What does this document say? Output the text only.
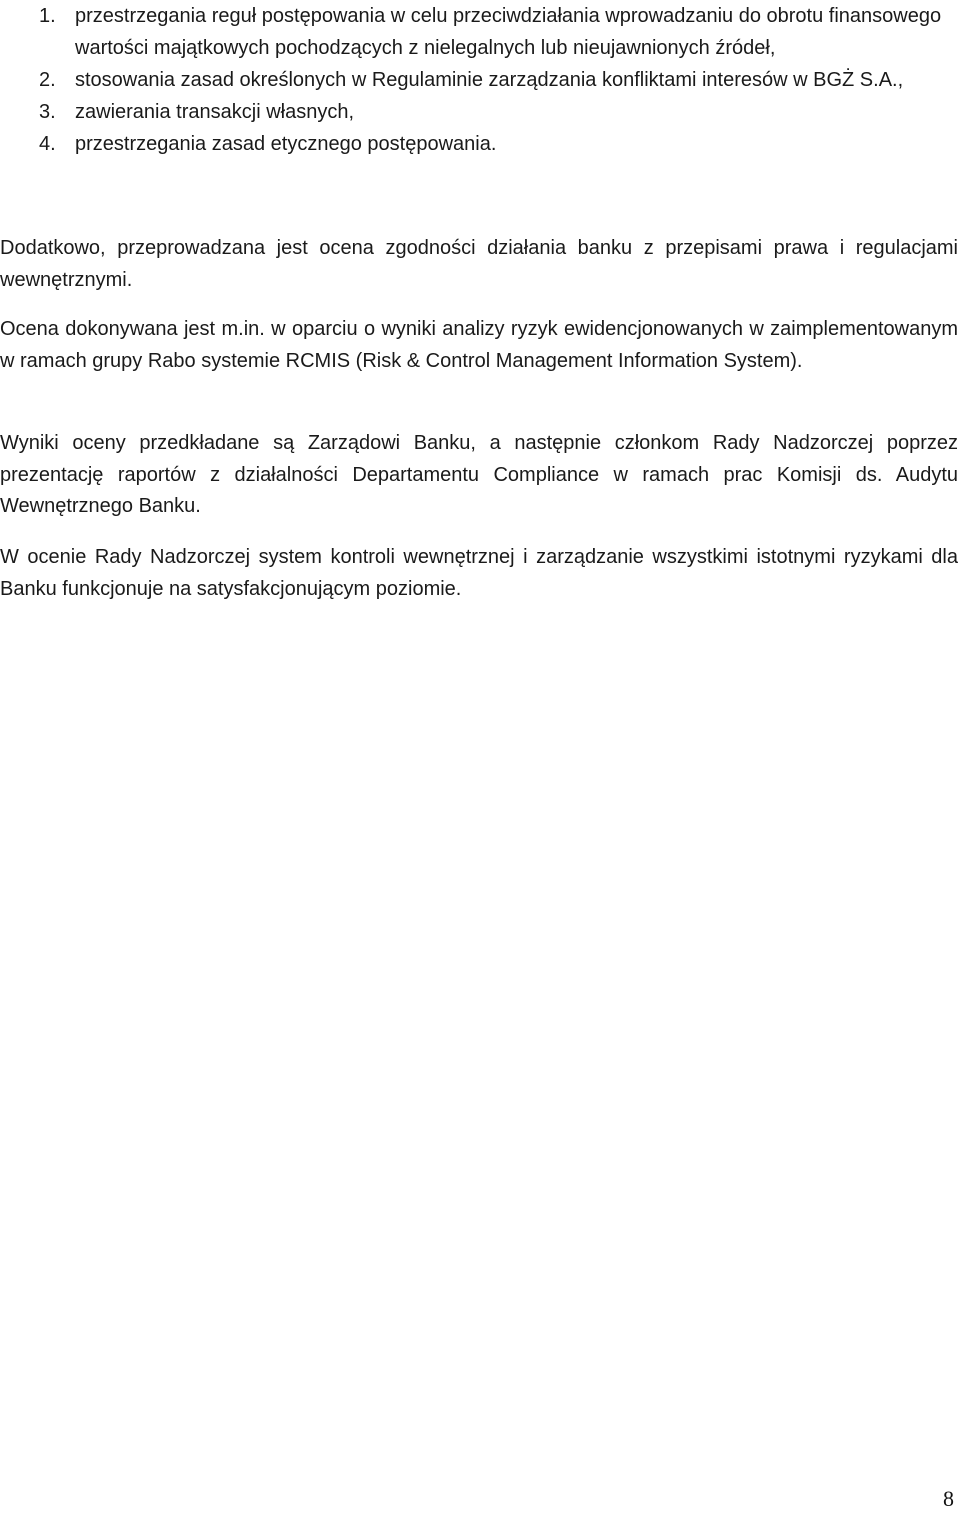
1. przestrzegania reguł postępowania w celu przeciwdziałania wprowadzaniu do obrotu finansowego wartości majątkowych pochodzących z nielegalnych lub nieujawnionych źródeł,
2. stosowania zasad określonych w Regulaminie zarządzania konfliktami interesów w BGŻ S.A.,
3. zawierania transakcji własnych,
4. przestrzegania zasad etycznego postępowania.

Dodatkowo, przeprowadzana jest ocena zgodności działania banku z przepisami prawa i regulacjami wewnętrznymi.

Ocena dokonywana jest m.in. w oparciu o wyniki analizy ryzyk ewidencjonowanych w zaimplementowanym w ramach grupy Rabo systemie RCMIS (Risk & Control Management Information System).

Wyniki oceny przedkładane są Zarządowi Banku, a następnie członkom Rady Nadzorczej poprzez prezentację raportów z działalności Departamentu Compliance w ramach prac Komisji ds. Audytu Wewnętrznego Banku.

W ocenie Rady Nadzorczej system kontroli wewnętrznej i zarządzanie wszystkimi istotnymi ryzykami dla Banku funkcjonuje na satysfakcjonującym poziomie.

8
